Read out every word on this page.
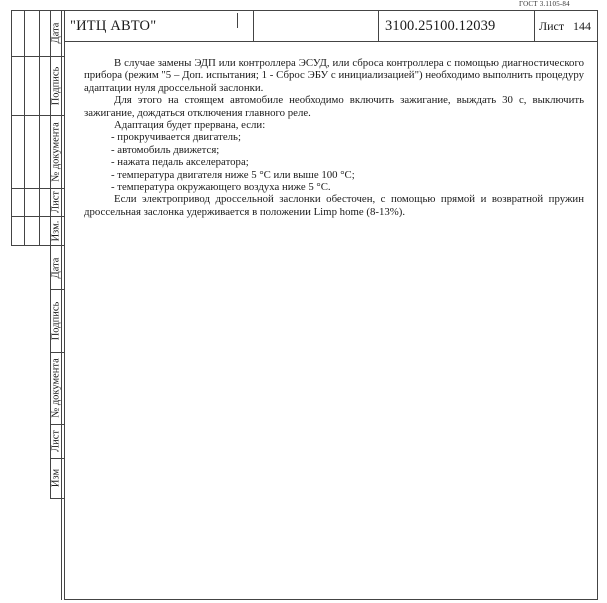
ГОСТ 3.1105-84
"ИТЦ АВТО"	3100.25100.12039	Лист 144
Дата
Подпись
№ документа
Лист
Изм.
Дата
Подпись
№ документа
Лист
Изм

В случае замены ЭДП или контроллера ЭСУД, или сброса контроллера с помощью диагностического прибора (режим "5 – Доп. испытания; 1 - Сброс ЭБУ с инициализацией") необходимо выполнить процедуру адаптации нуля дроссельной заслонки.

Для этого на стоящем автомобиле необходимо включить зажигание, выждать 30 с, выключить зажигание, дождаться отключения главного реле.

Адаптация будет прервана, если:

- прокручивается двигатель;

- автомобиль движется;

- нажата педаль акселератора;

- температура двигателя ниже 5 °C или выше 100 °C;

- температура окружающего воздуха ниже 5 °C.

Если электропривод дроссельной заслонки обесточен, с помощью прямой и возвратной пружин дроссельная заслонка удерживается в положении Limp home (8-13%).
